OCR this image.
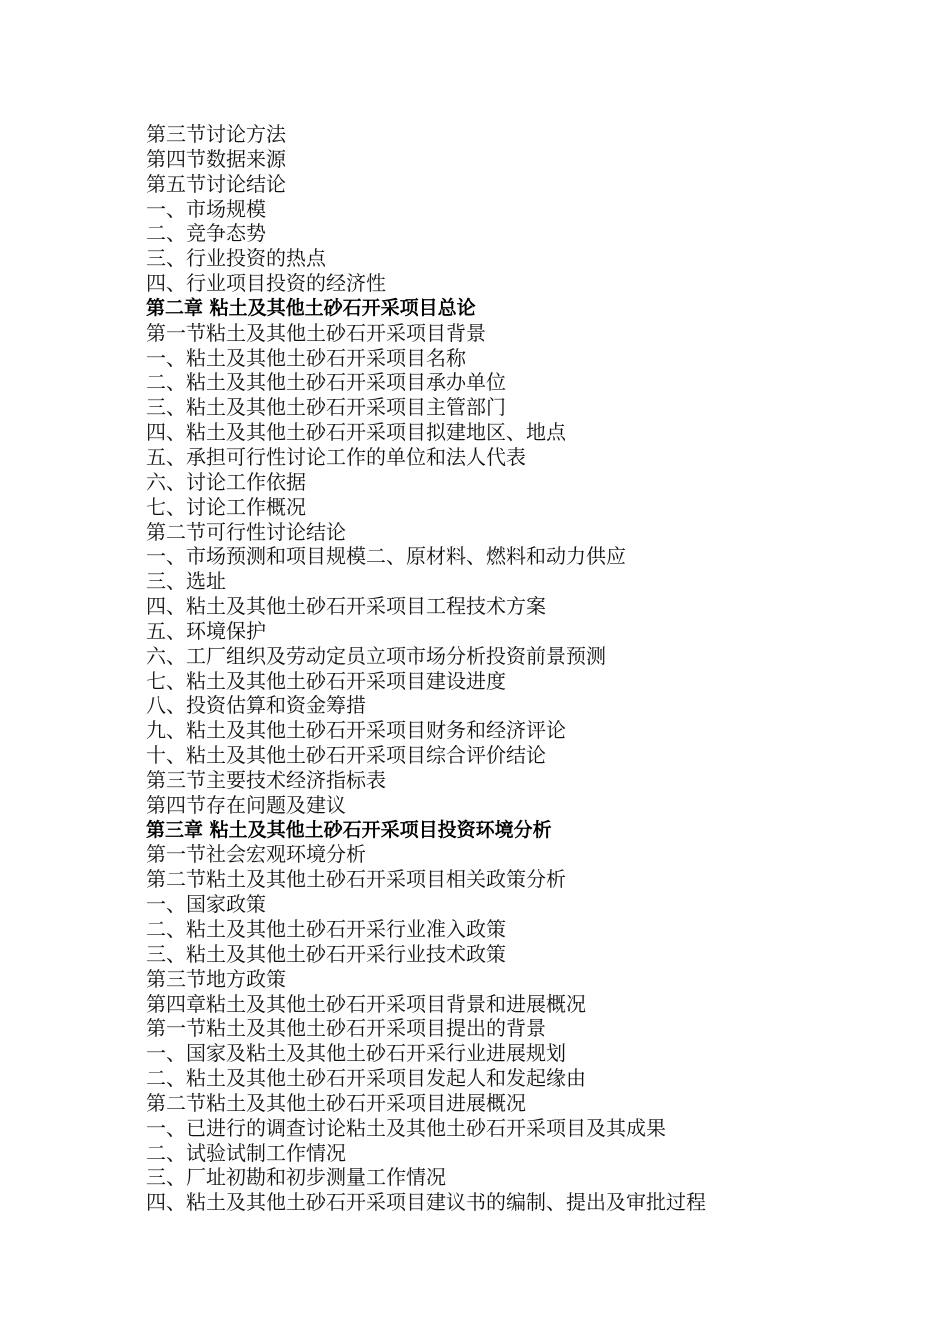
第三节讨论方法
第四节数据来源
第五节讨论结论
一、市场规模
二、竞争态势
三、行业投资的热点
四、行业项目投资的经济性
第二章 粘土及其他土砂石开采项目总论
第一节粘土及其他土砂石开采项目背景
一、粘土及其他土砂石开采项目名称
二、粘土及其他土砂石开采项目承办单位
三、粘土及其他土砂石开采项目主管部门
四、粘土及其他土砂石开采项目拟建地区、地点
五、承担可行性讨论工作的单位和法人代表
六、讨论工作依据
七、讨论工作概况
第二节可行性讨论结论
一、市场预测和项目规模二、原材料、燃料和动力供应
三、选址
四、粘土及其他土砂石开采项目工程技术方案
五、环境保护
六、工厂组织及劳动定员立项市场分析投资前景预测
七、粘土及其他土砂石开采项目建设进度
八、投资估算和资金筹措
九、粘土及其他土砂石开采项目财务和经济评论
十、粘土及其他土砂石开采项目综合评价结论
第三节主要技术经济指标表
第四节存在问题及建议
第三章 粘土及其他土砂石开采项目投资环境分析
第一节社会宏观环境分析
第二节粘土及其他土砂石开采项目相关政策分析
一、国家政策
二、粘土及其他土砂石开采行业准入政策
三、粘土及其他土砂石开采行业技术政策
第三节地方政策
第四章粘土及其他土砂石开采项目背景和进展概况
第一节粘土及其他土砂石开采项目提出的背景
一、国家及粘土及其他土砂石开采行业进展规划
二、粘土及其他土砂石开采项目发起人和发起缘由
第二节粘土及其他土砂石开采项目进展概况
一、已进行的调查讨论粘土及其他土砂石开采项目及其成果
二、试验试制工作情况
三、厂址初勘和初步测量工作情况
四、粘土及其他土砂石开采项目建议书的编制、提出及审批过程
